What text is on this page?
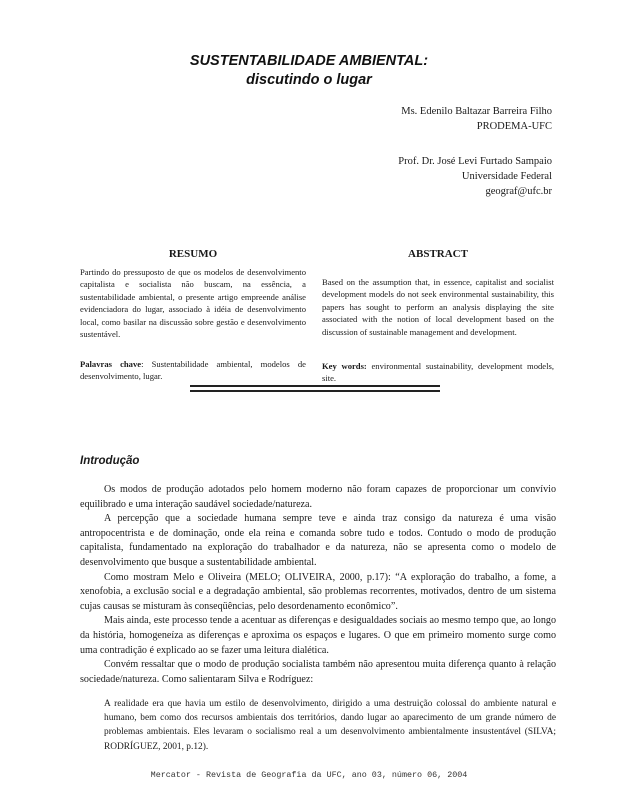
SUSTENTABILIDADE AMBIENTAL:
discutindo o lugar
Ms. Edenilo Baltazar Barreira Filho
PRODEMA-UFC
Prof. Dr. José Levi Furtado Sampaio
Universidade Federal
geograf@ufc.br
RESUMO
Partindo do pressuposto de que os modelos de desenvolvimento capitalista e socialista não buscam, na essência, a sustentabilidade ambiental, o presente artigo empreende análise evidenciadora do lugar, associado à idéia de desenvolvimento local, como basilar na discussão sobre gestão e desenvolvimento sustentável.
Palavras chave: Sustentabilidade ambiental, modelos de desenvolvimento, lugar.
ABSTRACT
Based on the assumption that, in essence, capitalist and socialist development models do not seek environmental sustainability, this papers has sought to perform an analysis displaying the site associated with the notion of local development based on the discussion of sustainable management and development.
Key words: environmental sustainability, development models, site.
Introdução

Os modos de produção adotados pelo homem moderno não foram capazes de proporcionar um convívio equilibrado e uma interação saudável sociedade/natureza.

A percepção que a sociedade humana sempre teve e ainda traz consigo da natureza é uma visão antropocentrista e de dominação, onde ela reina e comanda sobre tudo e todos. Contudo o modo de produção capitalista, fundamentado na exploração do trabalhador e da natureza, não se apresenta como o modelo de desenvolvimento que busque a sustentabilidade ambiental.

Como mostram Melo e Oliveira (MELO; OLIVEIRA, 2000, p.17): “A exploração do trabalho, a fome, a xenofobia, a exclusão social e a degradação ambiental, são problemas recorrentes, motivados, dentro de um sistema cujas causas se misturam às conseqüências, pelo desordenamento econômico”.

Mais ainda, este processo tende a acentuar as diferenças e desigualdades sociais ao mesmo tempo que, ao longo da história, homogeneíza as diferenças e aproxima os espaços e lugares. O que em primeiro momento surge como uma contradição é explicado ao se fazer uma leitura dialética.

Convém ressaltar que o modo de produção socialista também não apresentou muita diferença quanto à relação sociedade/natureza. Como salientaram Silva e Rodríguez:

A realidade era que havia um estilo de desenvolvimento, dirigido a uma destruição colossal do ambiente natural e humano, bem como dos recursos ambientais dos territórios, dando lugar ao aparecimento de um grande número de problemas ambientais. Eles levaram o socialismo real a um desenvolvimento ambientalmente insustentável (SILVA; RODRÍGUEZ, 2001, p.12).
Mercator - Revista de Geografia da UFC, ano 03, número 06, 2004
